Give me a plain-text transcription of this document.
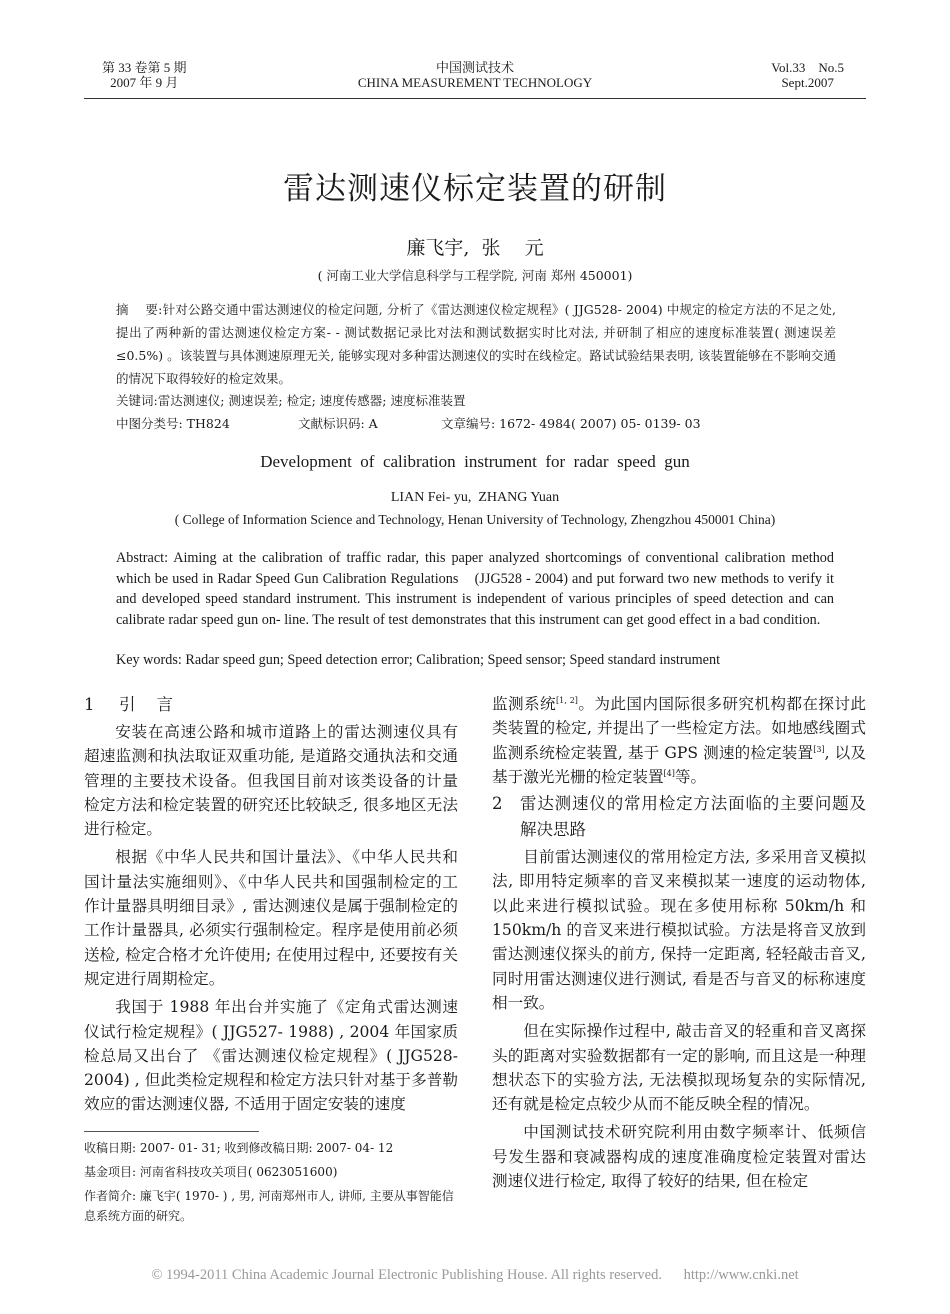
第 33 卷第 5 期
2007 年 9 月
中国测试技术
CHINA MEASUREMENT TECHNOLOGY
Vol.33    No.5
Sept.2007
雷达测速仪标定装置的研制
廉飞宇,  张    元
( 河南工业大学信息科学与工程学院, 河南 郑州 450001)
摘    要:针对公路交通中雷达测速仪的检定问题, 分析了《雷达测速仪检定规程》( JJG528- 2004) 中规定的检定方法的不足之处, 提出了两种新的雷达测速仪检定方案- - 测试数据记录比对法和测试数据实时比对法, 并研制了相应的速度标准装置( 测速误差≤0.5%) 。该装置与具体测速原理无关, 能够实现对多种雷达测速仪的实时在线检定。路试试验结果表明, 该装置能够在不影响交通的情况下取得较好的检定效果。
关键词:雷达测速仪; 测速误差; 检定; 速度传感器; 速度标准装置
中图分类号: TH824	文献标识码: A	文章编号: 1672- 4984( 2007) 05- 0139- 03
Development  of  calibration  instrument  for  radar  speed  gun
LIAN Fei- yu,  ZHANG Yuan
( College of Information Science and Technology, Henan University of Technology, Zhengzhou 450001 China)
Abstract: Aiming at the calibration of traffic radar, this paper analyzed shortcomings of conventional calibration method which be used in Radar Speed Gun Calibration Regulations    (JJG528 - 2004) and put forward two new methods to verify it and developed speed standard instrument. This instrument is independent of various principles of speed detection and can calibrate radar speed gun on- line. The result of test demonstrates that this instrument can get good effect in a bad condition.
Key words: Radar speed gun; Speed detection error; Calibration; Speed sensor; Speed standard instrument
1 引    言

安装在高速公路和城市道路上的雷达测速仪具有超速监测和执法取证双重功能, 是道路交通执法和交通管理的主要技术设备。但我国目前对该类设备的计量检定方法和检定装置的研究还比较缺乏, 很多地区无法进行检定。

根据《中华人民共和国计量法》、《中华人民共和国计量法实施细则》、《中华人民共和国强制检定的工作计量器具明细目录》, 雷达测速仪是属于强制检定的工作计量器具, 必须实行强制检定。程序是使用前必须送检, 检定合格才允许使用; 在使用过程中, 还要按有关规定进行周期检定。

我国于 1988 年出台并实施了《定角式雷达测速仪试行检定规程》( JJG527- 1988) , 2004 年国家质检总局又出台了 《雷达测速仪检定规程》( JJG528- 2004) , 但此类检定规程和检定方法只针对基于多普勒效应的雷达测速仪器, 不适用于固定安装的速度

监测系统[1, 2]。为此国内国际很多研究机构都在探讨此类装置的检定, 并提出了一些检定方法。如地感线圈式监测系统检定装置, 基于 GPS 测速的检定装置[3], 以及基于激光光栅的检定装置[4]等。

2 雷达测速仪的常用检定方法面临的主要问题及解决思路

目前雷达测速仪的常用检定方法, 多采用音叉模拟法, 即用特定频率的音叉来模拟某一速度的运动物体, 以此来进行模拟试验。现在多使用标称 50km/h 和 150km/h 的音叉来进行模拟试验。方法是将音叉放到雷达测速仪探头的前方, 保持一定距离, 轻轻敲击音叉, 同时用雷达测速仪进行测试, 看是否与音叉的标称速度相一致。

但在实际操作过程中, 敲击音叉的轻重和音叉离探头的距离对实验数据都有一定的影响, 而且这是一种理想状态下的实验方法, 无法模拟现场复杂的实际情况, 还有就是检定点较少从而不能反映全程的情况。

中国测试技术研究院利用由数字频率计、低频信号发生器和衰减器构成的速度准确度检定装置对雷达测速仪进行检定, 取得了较好的结果, 但在检定

收稿日期: 2007- 01- 31; 收到修改稿日期: 2007- 04- 12
基金项目: 河南省科技攻关项目( 0623051600)
作者简介: 廉飞宇( 1970- ) , 男, 河南郑州市人, 讲师, 主要从事智能信息系统方面的研究。
© 1994-2011 China Academic Journal Electronic Publishing House. All rights reserved. http://www.cnki.net
